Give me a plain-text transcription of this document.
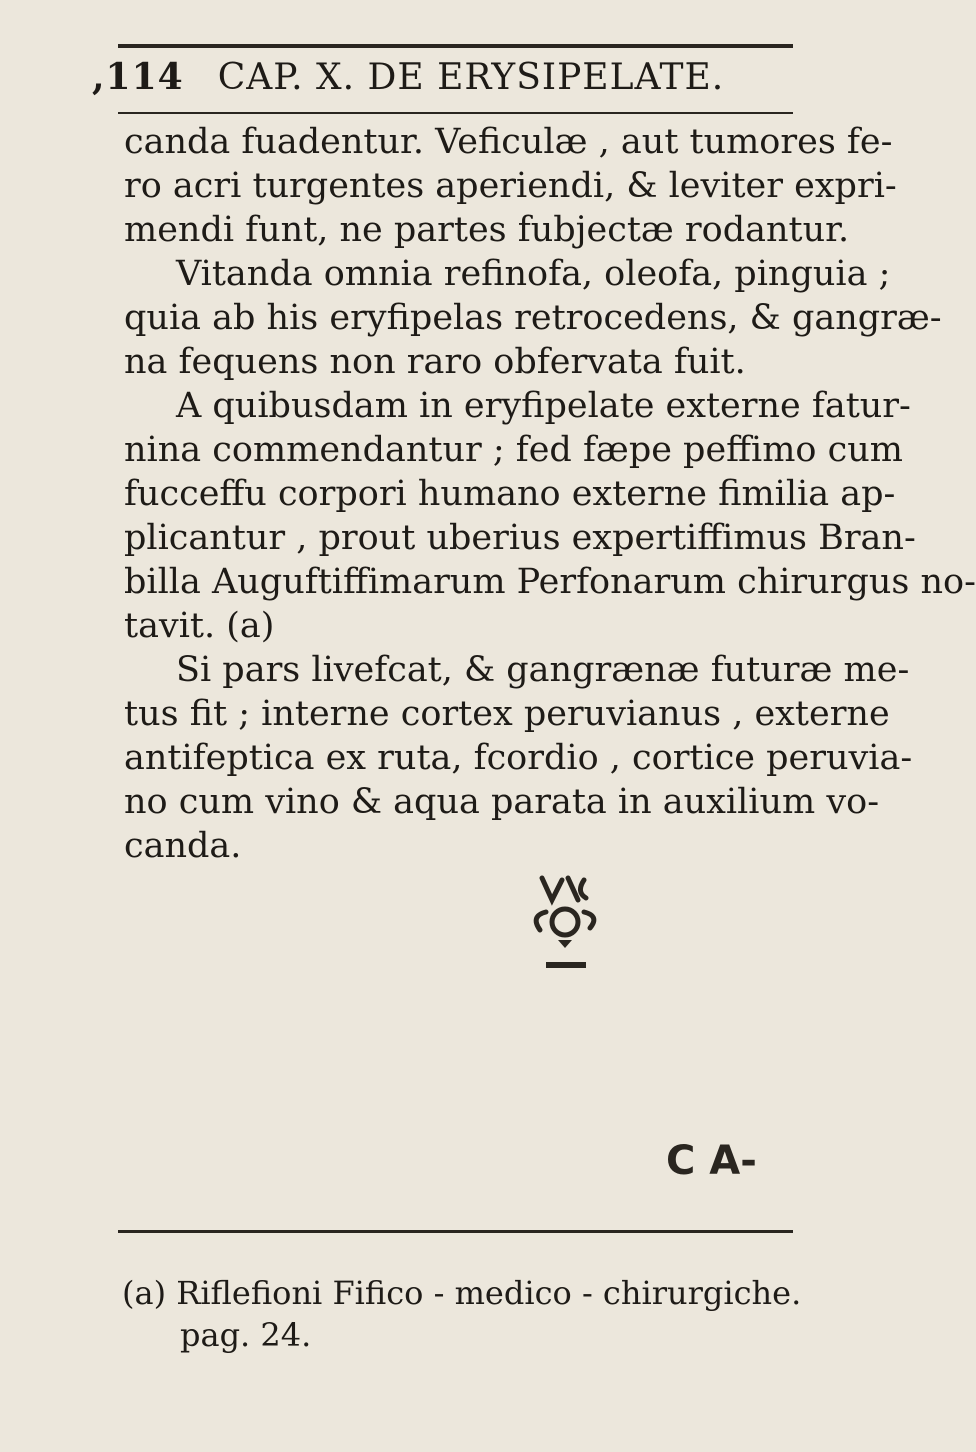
,114 CAP. X. DE ERYSIPELATE.

canda fuadentur. Veficulæ , aut tumores fe-
ro acri turgentes aperiendi, & leviter expri-
mendi funt, ne partes fubjectæ rodantur.

Vitanda omnia refinofa, oleofa, pinguia ;
quia ab his eryfipelas retrocedens, & gangræ-
na fequens non raro obfervata fuit.

A quibusdam in eryfipelate externe fatur-
nina commendantur ; fed fæpe peffimo cum
fucceffu corpori humano externe fimilia ap-
plicantur , prout uberius expertiffimus Bran-
billa Auguftiffimarum Perfonarum chirurgus no-
tavit. (a)

Si pars livefcat, & gangrænæ futuræ me-
tus fit ; interne cortex peruvianus , externe
antifeptica ex ruta, fcordio , cortice peruvia-
no cum vino & aqua parata in auxilium vo-
canda.

C A-
(a) Riflefioni Fifico - medico - chirurgiche.
pag. 24.
